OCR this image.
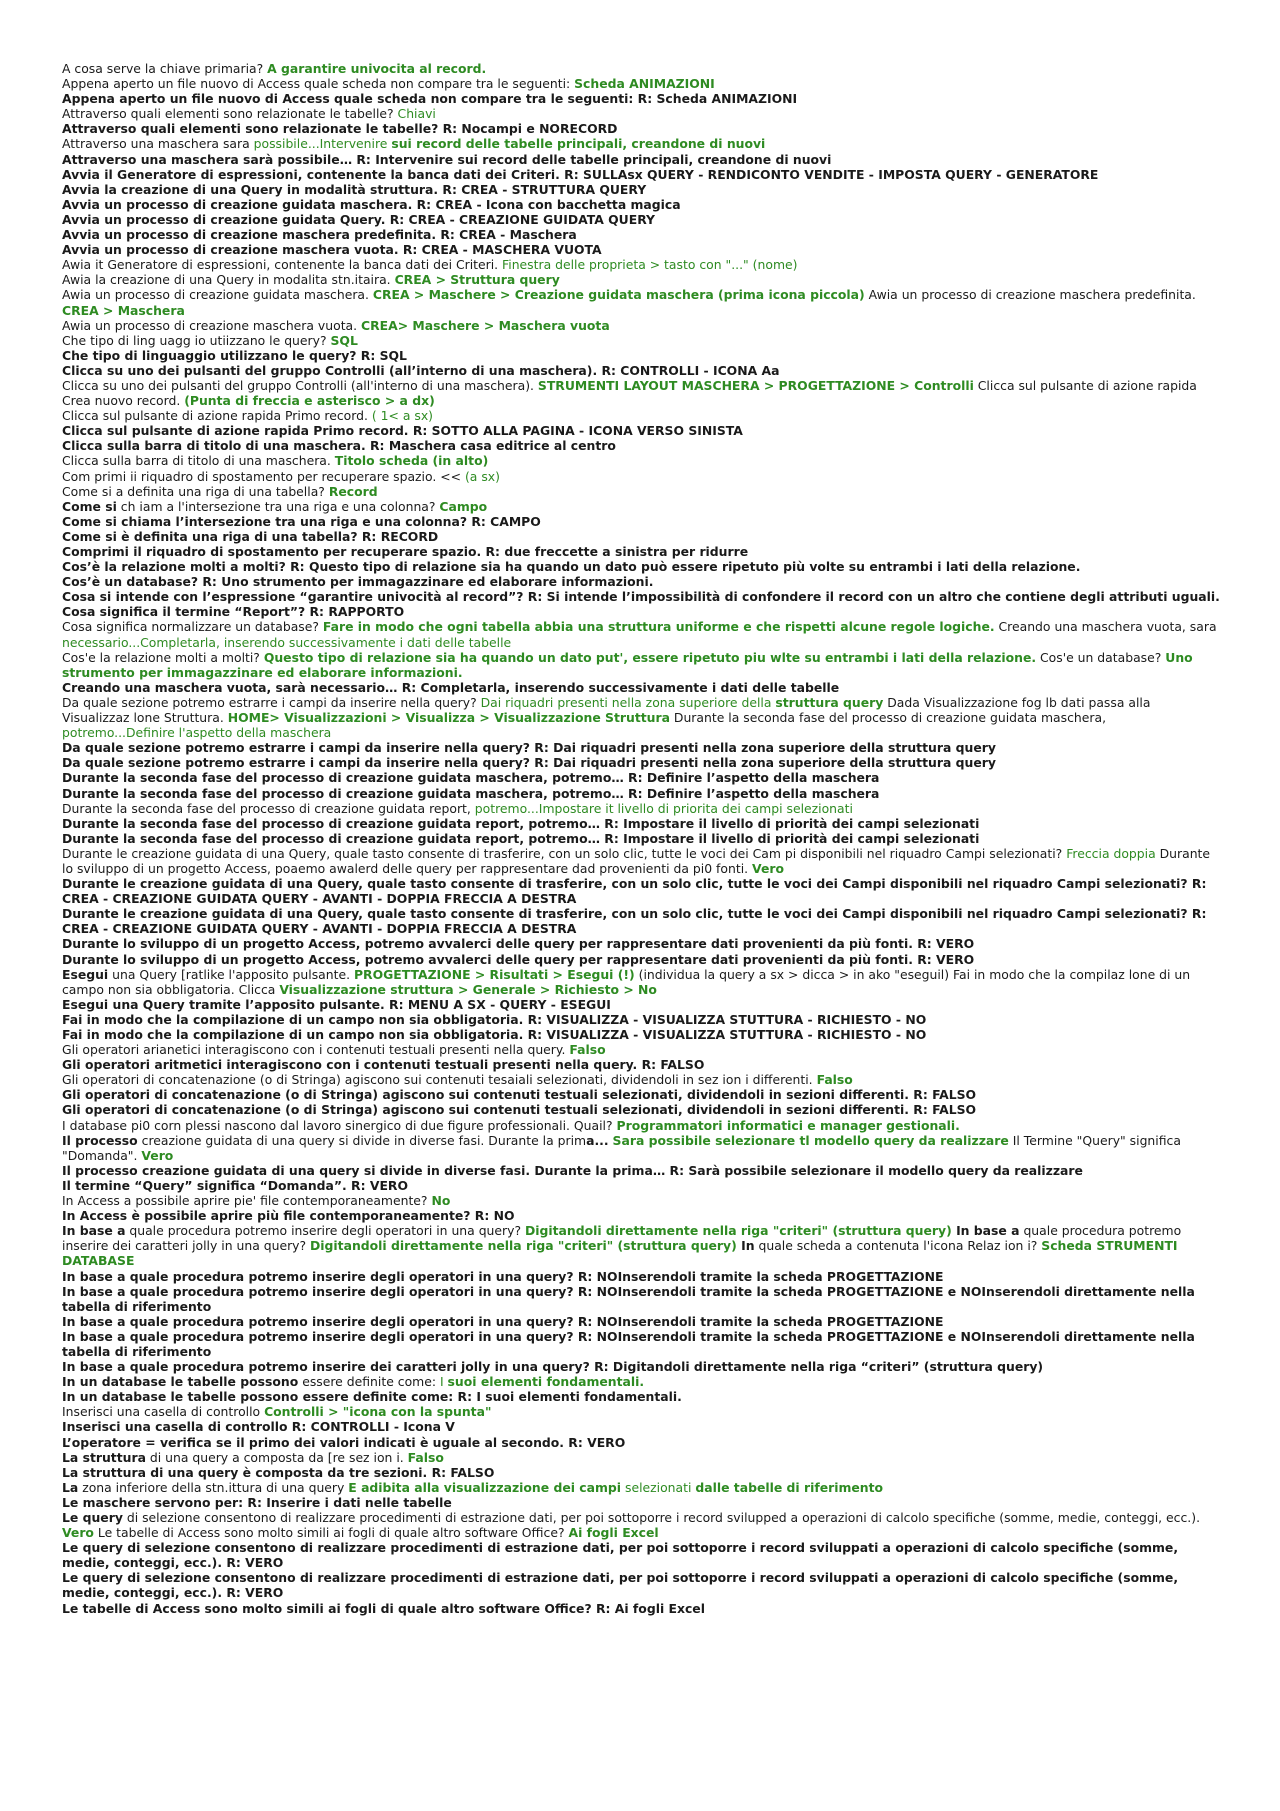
A cosa serve la chiave primaria? A garantire univocita al record.
Appena aperto un file nuovo di Access quale scheda non compare tra le seguenti: Scheda ANIMAZIONI
Appena aperto un file nuovo di Access quale scheda non compare tra le seguenti: R: Scheda ANIMAZIONI
Attraverso quali elementi sono relazionate le tabelle? Chiavi
Attraverso quali elementi sono relazionate le tabelle? R: Nocampi e NORECORD
Attraverso una maschera sara possibile...Intervenire sui record delle tabelle principali, creandone di nuovi
Attraverso una maschera sarà possibile… R: Intervenire sui record delle tabelle principali, creandone di nuovi
Avvia il Generatore di espressioni, contenente la banca dati dei Criteri. R: SULLAsx QUERY - RENDICONTO VENDITE - IMPOSTA QUERY - GENERATORE
Avvia la creazione di una Query in modalità struttura. R: CREA - STRUTTURA QUERY
Avvia un processo di creazione guidata maschera. R: CREA - Icona con bacchetta magica
Avvia un processo di creazione guidata Query. R: CREA - CREAZIONE GUIDATA QUERY
Avvia un processo di creazione maschera predefinita. R: CREA - Maschera
Avvia un processo di creazione maschera vuota. R: CREA - MASCHERA VUOTA
Awia it Generatore di espressioni, contenente la banca dati dei Criteri. Finestra delle proprieta > tasto con "..." (nome)
Awia la creazione di una Query in modalita stn.itaira. CREA > Struttura query
Awia un processo di creazione guidata maschera. CREA > Maschere > Creazione guidata maschera (prima icona piccola) Awia un processo di creazione maschera predefinita. CREA > Maschera
Awia un processo di creazione maschera vuota. CREA> Maschere > Maschera vuota
Che tipo di ling uagg io utiizzano le query? SQL
Che tipo di linguaggio utilizzano le query? R: SQL
Clicca su uno dei pulsanti del gruppo Controlli (all’interno di una maschera). R: CONTROLLI - ICONA Aa
Clicca su uno dei pulsanti del gruppo Controlli (all'interno di una maschera). STRUMENTI LAYOUT MASCHERA > PROGETTAZIONE > Controlli Clicca sul pulsante di azione rapida Crea nuovo record. (Punta di freccia e asterisco > a dx)
Clicca sul pulsante di azione rapida Primo record. ( 1< a sx)
Clicca sul pulsante di azione rapida Primo record. R: SOTTO ALLA PAGINA - ICONA VERSO SINISTA
Clicca sulla barra di titolo di una maschera. R: Maschera casa editrice al centro
Clicca sulla barra di titolo di una maschera. Titolo scheda (in alto)
Com primi ii riquadro di spostamento per recuperare spazio. << (a sx)
Come si a definita una riga di una tabella? Record
Come si ch iam a l'intersezione tra una riga e una colonna? Campo
Come si chiama l’intersezione tra una riga e una colonna? R: CAMPO
Come si è definita una riga di una tabella? R: RECORD
Comprimi il riquadro di spostamento per recuperare spazio. R: due freccette a sinistra per ridurre
Cos’è la relazione molti a molti? R: Questo tipo di relazione sia ha quando un dato può essere ripetuto più volte su entrambi i lati della relazione.
Cos’è un database? R: Uno strumento per immagazzinare ed elaborare informazioni.
Cosa si intende con l’espressione “garantire univocità al record”? R: Si intende l’impossibilità di confondere il record con un altro che contiene degli attributi uguali.
Cosa significa il termine “Report”? R: RAPPORTO
Cosa significa normalizzare un database? Fare in modo che ogni tabella abbia una struttura uniforme e che rispetti alcune regole logiche. Creando una maschera vuota, sara necessario...Completarla, inserendo successivamente i dati delle tabelle
Cos'e la relazione molti a molti? Questo tipo di relazione sia ha quando un dato put', essere ripetuto piu wlte su entrambi i lati della relazione. Cos'e un database? Uno strumento per immagazzinare ed elaborare informazioni.
Creando una maschera vuota, sarà necessario… R: Completarla, inserendo successivamente i dati delle tabelle
Da quale sezione potremo estrarre i campi da inserire nella query? Dai riquadri presenti nella zona superiore della struttura query Dada Visualizzazione fog lb dati passa alla Visualizzaz lone Struttura. HOME> Visualizzazioni > Visualizza > Visualizzazione Struttura Durante la seconda fase del processo di creazione guidata maschera, potremo...Definire l'aspetto della maschera
Da quale sezione potremo estrarre i campi da inserire nella query? R: Dai riquadri presenti nella zona superiore della struttura query
Da quale sezione potremo estrarre i campi da inserire nella query? R: Dai riquadri presenti nella zona superiore della struttura query
Durante la seconda fase del processo di creazione guidata maschera, potremo… R: Definire l’aspetto della maschera
Durante la seconda fase del processo di creazione guidata maschera, potremo… R: Definire l’aspetto della maschera
Durante la seconda fase del processo di creazione guidata report, potremo...Impostare it livello di priorita dei campi selezionati
Durante la seconda fase del processo di creazione guidata report, potremo… R: Impostare il livello di priorità dei campi selezionati
Durante la seconda fase del processo di creazione guidata report, potremo… R: Impostare il livello di priorità dei campi selezionati
Durante le creazione guidata di una Query, quale tasto consente di trasferire, con un solo clic, tutte le voci dei Cam pi disponibili nel riquadro Campi selezionati? Freccia doppia Durante lo sviluppo di un progetto Access, poaemo awalerd delle query per rappresentare dad provenienti da pi0 fonti. Vero
Durante le creazione guidata di una Query, quale tasto consente di trasferire, con un solo clic, tutte le voci dei Campi disponibili nel riquadro Campi selezionati? R: CREA - CREAZIONE GUIDATA QUERY - AVANTI - DOPPIA FRECCIA A DESTRA
Durante le creazione guidata di una Query, quale tasto consente di trasferire, con un solo clic, tutte le voci dei Campi disponibili nel riquadro Campi selezionati? R: CREA - CREAZIONE GUIDATA QUERY - AVANTI - DOPPIA FRECCIA A DESTRA
Durante lo sviluppo di un progetto Access, potremo avvalerci delle query per rappresentare dati provenienti da più fonti. R: VERO
Durante lo sviluppo di un progetto Access, potremo avvalerci delle query per rappresentare dati provenienti da più fonti. R: VERO
Esegui una Query [ratlike l'apposito pulsante. PROGETTAZIONE > Risultati > Esegui (!) (individua la query a sx > dicca > in ako "eseguil) Fai in modo che la compilaz lone di un campo non sia obbligatoria. Clicca Visualizzazione struttura > Generale > Richiesto > No
Esegui una Query tramite l’apposito pulsante. R: MENU A SX - QUERY - ESEGUI
Fai in modo che la compilazione di un campo non sia obbligatoria. R: VISUALIZZA - VISUALIZZA STUTTURA - RICHIESTO - NO
Fai in modo che la compilazione di un campo non sia obbligatoria. R: VISUALIZZA - VISUALIZZA STUTTURA - RICHIESTO - NO
Gli operatori arianetici interagiscono con i contenuti testuali presenti nella query. Falso
Gli operatori aritmetici interagiscono con i contenuti testuali presenti nella query. R: FALSO
Gli operatori di concatenazione (o di Stringa) agiscono sui contenuti tesaiali selezionati, dividendoli in sez ion i differenti. Falso
Gli operatori di concatenazione (o di Stringa) agiscono sui contenuti testuali selezionati, dividendoli in sezioni differenti. R: FALSO
Gli operatori di concatenazione (o di Stringa) agiscono sui contenuti testuali selezionati, dividendoli in sezioni differenti. R: FALSO
I database pi0 corn plessi nascono dal lavoro sinergico di due figure professionali. Quail? Programmatori informatici e manager gestionali.
Il processo creazione guidata di una query si divide in diverse fasi. Durante la prima... Sara possibile selezionare tl modello query da realizzare Il Termine "Query" significa "Domanda". Vero
Il processo creazione guidata di una query si divide in diverse fasi. Durante la prima… R: Sarà possibile selezionare il modello query da realizzare
Il termine “Query” significa “Domanda”. R: VERO
In Access a possibile aprire pie' file contemporaneamente? No
In Access è possibile aprire più file contemporaneamente? R: NO
In base a quale procedura potremo inserire degli operatori in una query? Digitandoli direttamente nella riga "criteri" (struttura query) In base a quale procedura potremo inserire dei caratteri jolly in una query? Digitandoli direttamente nella riga "criteri" (struttura query) In quale scheda a contenuta l'icona Relaz ion i? Scheda STRUMENTI DATABASE
In base a quale procedura potremo inserire degli operatori in una query? R: NOInserendoli tramite la scheda PROGETTAZIONE
In base a quale procedura potremo inserire degli operatori in una query? R: NOInserendoli tramite la scheda PROGETTAZIONE e NOInserendoli direttamente nella tabella di riferimento
In base a quale procedura potremo inserire degli operatori in una query? R: NOInserendoli tramite la scheda PROGETTAZIONE
In base a quale procedura potremo inserire degli operatori in una query? R: NOInserendoli tramite la scheda PROGETTAZIONE e NOInserendoli direttamente nella tabella di riferimento
In base a quale procedura potremo inserire dei caratteri jolly in una query? R: Digitandoli direttamente nella riga “criteri” (struttura query)
In un database le tabelle possono essere definite come: I suoi elementi fondamentali.
In un database le tabelle possono essere definite come: R: I suoi elementi fondamentali.
Inserisci una casella di controllo Controlli > "icona con la spunta"
Inserisci una casella di controllo R: CONTROLLI - Icona V
L’operatore = verifica se il primo dei valori indicati è uguale al secondo. R: VERO
La struttura di una query a composta da [re sez ion i. Falso
La struttura di una query è composta da tre sezioni. R: FALSO
La zona inferiore della stn.ittura di una query E adibita alla visualizzazione dei campi selezionati dalle tabelle di riferimento
Le maschere servono per: R: Inserire i dati nelle tabelle
Le query di selezione consentono di realizzare procedimenti di estrazione dati, per poi sottoporre i record svilupped a operazioni di calcolo specifiche (somme, medie, conteggi, ecc.). Vero Le tabelle di Access sono molto simili ai fogli di quale altro software Office? Ai fogli Excel
Le query di selezione consentono di realizzare procedimenti di estrazione dati, per poi sottoporre i record sviluppati a operazioni di calcolo specifiche (somme, medie, conteggi, ecc.). R: VERO
Le query di selezione consentono di realizzare procedimenti di estrazione dati, per poi sottoporre i record sviluppati a operazioni di calcolo specifiche (somme, medie, conteggi, ecc.). R: VERO
Le tabelle di Access sono molto simili ai fogli di quale altro software Office? R: Ai fogli Excel
